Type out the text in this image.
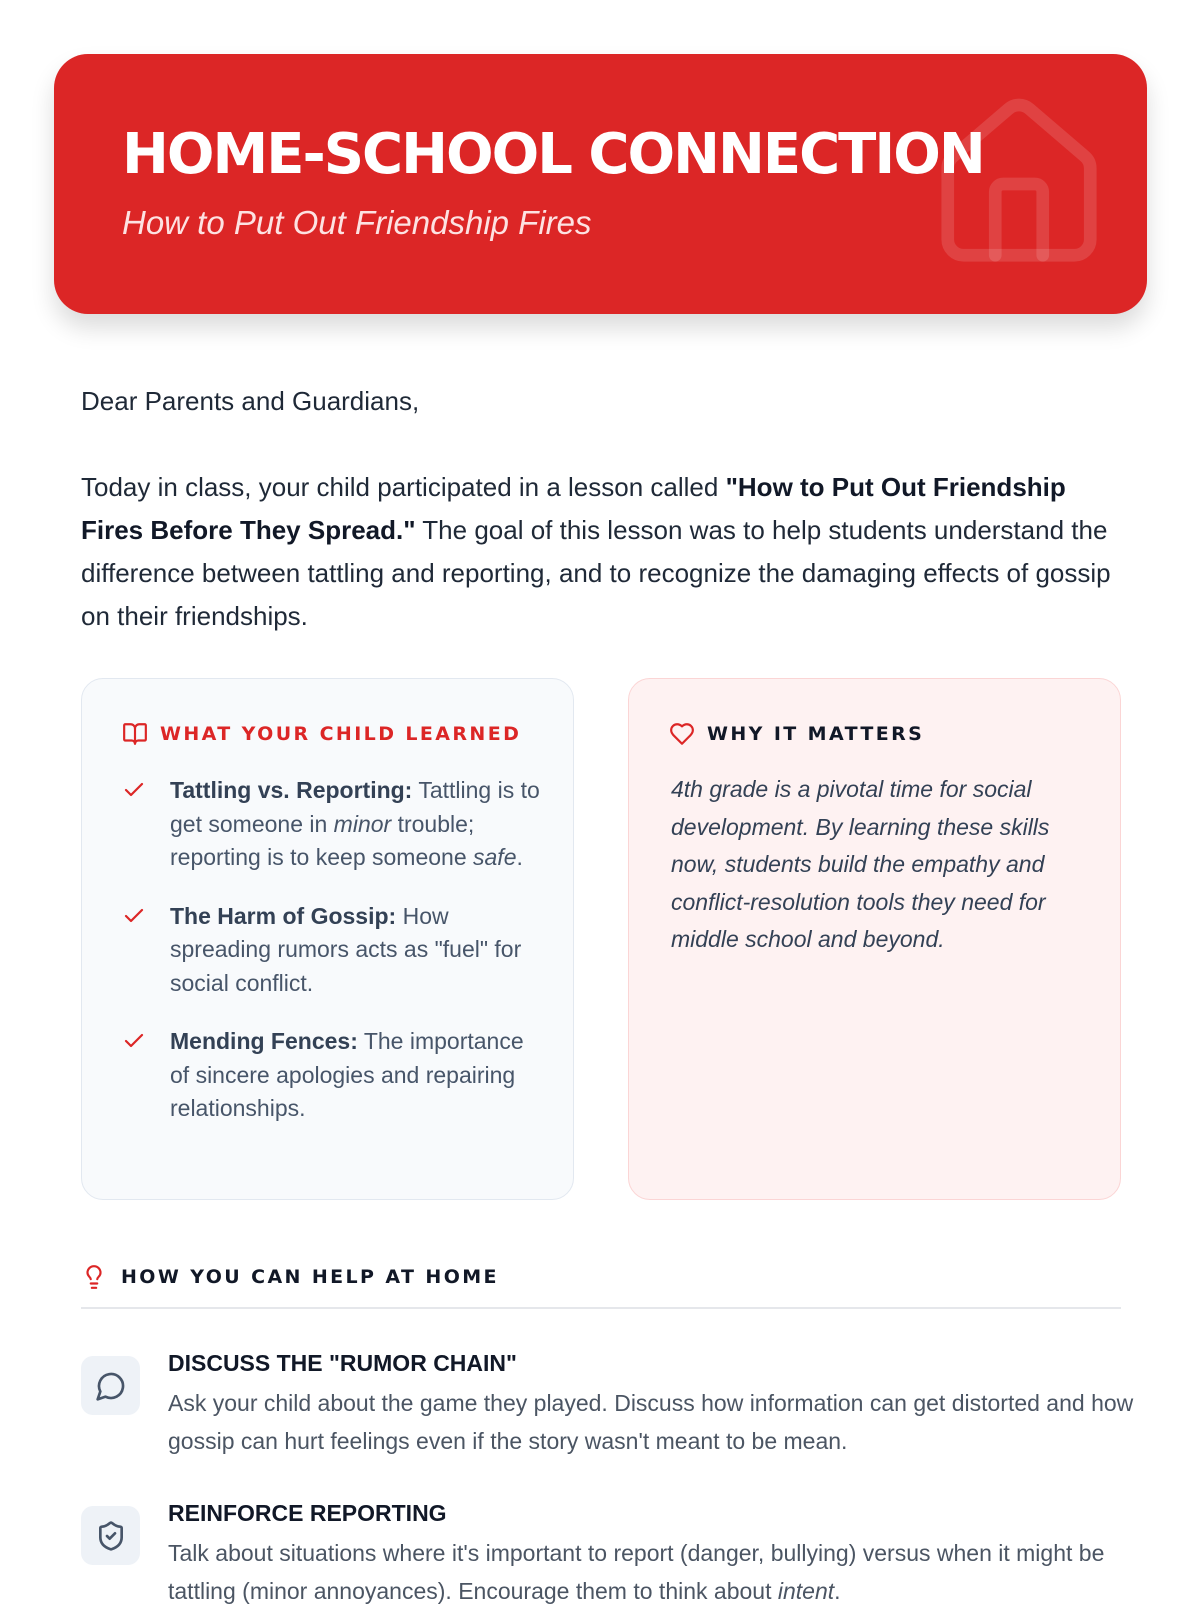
HOME-SCHOOL CONNECTION
How to Put Out Friendship Fires
Dear Parents and Guardians,

Today in class, your child participated in a lesson called "How to Put Out Friendship Fires Before They Spread." The goal of this lesson was to help students understand the difference between tattling and reporting, and to recognize the damaging effects of gossip on their friendships.

WHAT YOUR CHILD LEARNED
Tattling vs. Reporting: Tattling is to get someone in minor trouble; reporting is to keep someone safe.
The Harm of Gossip: How spreading rumors acts as "fuel" for social conflict.
Mending Fences: The importance of sincere apologies and repairing relationships.
WHY IT MATTERS

4th grade is a pivotal time for social development. By learning these skills now, students build the empathy and conflict-resolution tools they need for middle school and beyond.

HOW YOU CAN HELP AT HOME
DISCUSS THE "RUMOR CHAIN"

Ask your child about the game they played. Discuss how information can get distorted and how gossip can hurt feelings even if the story wasn't meant to be mean.

REINFORCE REPORTING

Talk about situations where it's important to report (danger, bullying) versus when it might be tattling (minor annoyances). Encourage them to think about intent.
